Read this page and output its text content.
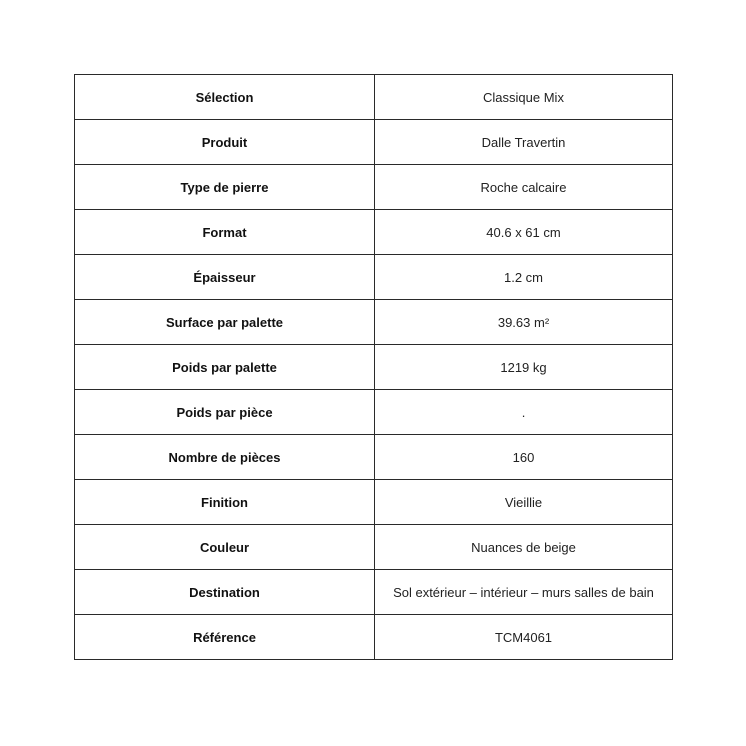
Sélection	Classique Mix
Produit	Dalle Travertin
Type de pierre	Roche calcaire
Format	40.6 x 61 cm
Épaisseur	1.2 cm
Surface par palette	39.63 m²
Poids par palette	1219 kg
Poids par pièce	.
Nombre de pièces	160
Finition	Vieillie
Couleur	Nuances de beige
Destination	Sol extérieur – intérieur – murs salles de bain
Référence	TCM4061
